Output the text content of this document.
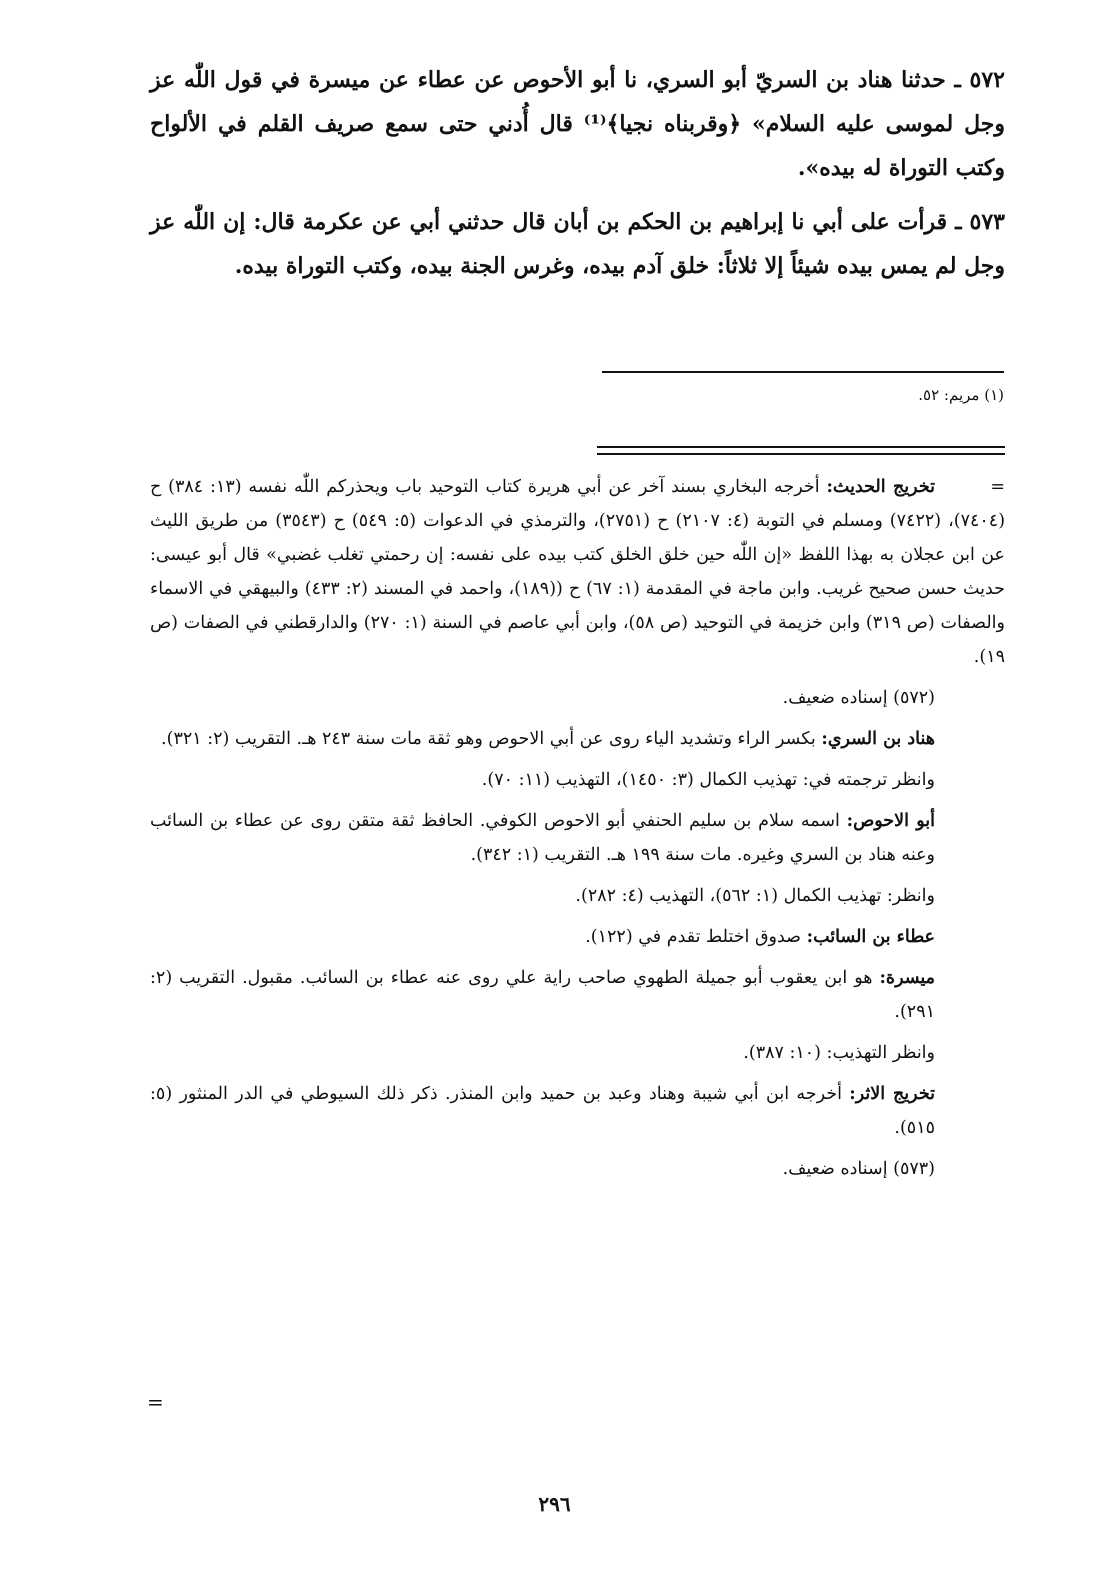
٥٧٢ ـ حدثنا هناد بن السريّ أبو السري، نا أبو الأحوص عن عطاء عن ميسرة في قول اللّٰه عز وجل لموسى عليه السلام» ﴿وقربناه نجيا﴾⁽¹⁾ قال أُدني حتى سمع صريف القلم في الألواح وكتب التوراة له بيده».

٥٧٣ ـ قرأت على أبي نا إبراهيم بن الحكم بن أبان قال حدثني أبي عن عكرمة قال: إن اللّٰه عز وجل لم يمس بيده شيئاً إلا ثلاثاً: خلق آدم بيده، وغرس الجنة بيده، وكتب التوراة بيده.

(١) مريم: ٥٢.

=تخريج الحديث: أخرجه البخاري بسند آخر عن أبي هريرة كتاب التوحيد باب ويحذركم اللّٰه نفسه (١٣: ٣٨٤) ح (٧٤٠٤)، (٧٤٢٢) ومسلم في التوبة (٤: ٢١٠٧) ح (٢٧٥١)، والترمذي في الدعوات (٥: ٥٤٩) ح (٣٥٤٣) من طريق الليث عن ابن عجلان به بهذا اللفظ «إن اللّٰه حين خلق الخلق كتب بيده على نفسه: إن رحمتي تغلب غضبي» قال أبو عيسى: حديث حسن صحيح غريب. وابن ماجة في المقدمة (١: ٦٧) ح ((١٨٩)، واحمد في المسند (٢: ٤٣٣) والبيهقي في الاسماء والصفات (ص ٣١٩) وابن خزيمة في التوحيد (ص ٥٨)، وابن أبي عاصم في السنة (١: ٢٧٠) والدارقطني في الصفات (ص ١٩).

(٥٧٢) إسناده ضعيف.

هناد بن السري: بكسر الراء وتشديد الياء روى عن أبي الاحوص وهو ثقة مات سنة ٢٤٣ هـ. التقريب (٢: ٣٢١).

وانظر ترجمته في: تهذيب الكمال (٣: ١٤٥٠)، التهذيب (١١: ٧٠).

أبو الاحوص: اسمه سلام بن سليم الحنفي أبو الاحوص الكوفي. الحافظ ثقة متقن روى عن عطاء بن السائب وعنه هناد بن السري وغيره. مات سنة ١٩٩ هـ. التقريب (١: ٣٤٢).

وانظر: تهذيب الكمال (١: ٥٦٢)، التهذيب (٤: ٢٨٢).

عطاء بن السائب: صدوق اختلط تقدم في (١٢٢).

ميسرة: هو ابن يعقوب أبو جميلة الطهوي صاحب راية علي روى عنه عطاء بن السائب. مقبول. التقريب (٢: ٢٩١).

وانظر التهذيب: (١٠: ٣٨٧).

تخريج الاثر: أخرجه ابن أبي شيبة وهناد وعبد بن حميد وابن المنذر. ذكر ذلك السيوطي في الدر المنثور (٥: ٥١٥).

(٥٧٣) إسناده ضعيف.

=
٢٩٦
